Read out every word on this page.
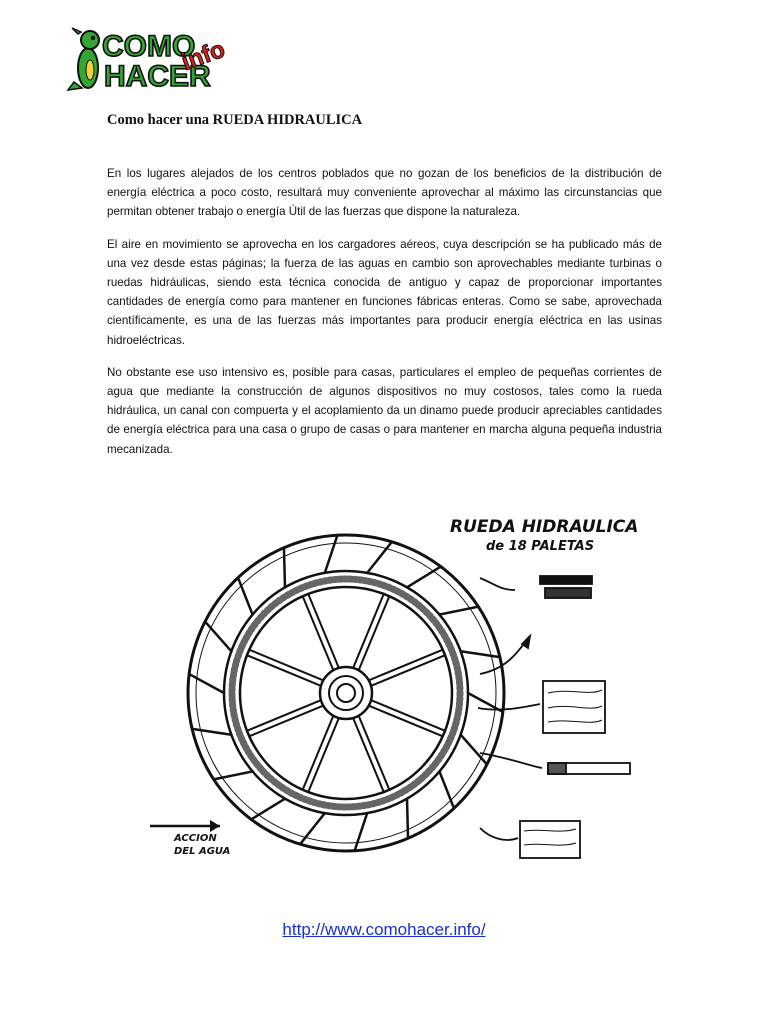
COMO
HACER
info
Como hacer una RUEDA HIDRAULICA

En los lugares alejados de los centros poblados que no gozan de los beneficios de la distribución de energía eléctrica a poco costo, resultará muy conveniente aprovechar al máximo las circunstancias que permitan obtener trabajo o energía Útil de las fuerzas que dispone la naturaleza.

El aire en movimiento se aprovecha en los cargadores aéreos, cuya descripción se ha publicado más de una vez desde estas páginas; la fuerza de las aguas en cambio son aprovechables mediante turbinas o ruedas hidráulicas, siendo esta técnica conocida de antiguo y capaz de proporcionar importantes cantidades de energía como para mantener en funciones fábricas enteras. Como se sabe, aprovechada científicamente, es una de las fuerzas más importantes para producir energía eléctrica en las usinas hidroeléctricas.

No obstante ese uso intensivo es, posible para casas, particulares el empleo de pequeñas corrientes de agua que mediante la construcción de algunos dispositivos no muy costosos, tales como la rueda hidráulica, un canal con compuerta y el acoplamiento da un dinamo puede producir apreciables cantidades de energía eléctrica para una casa o grupo de casas o para mantener en marcha alguna pequeña industria mecanizada.

RUEDA HIDRAULICA
de 18 PALETAS
ACCION
DEL AGUA
http://www.comohacer.info/
